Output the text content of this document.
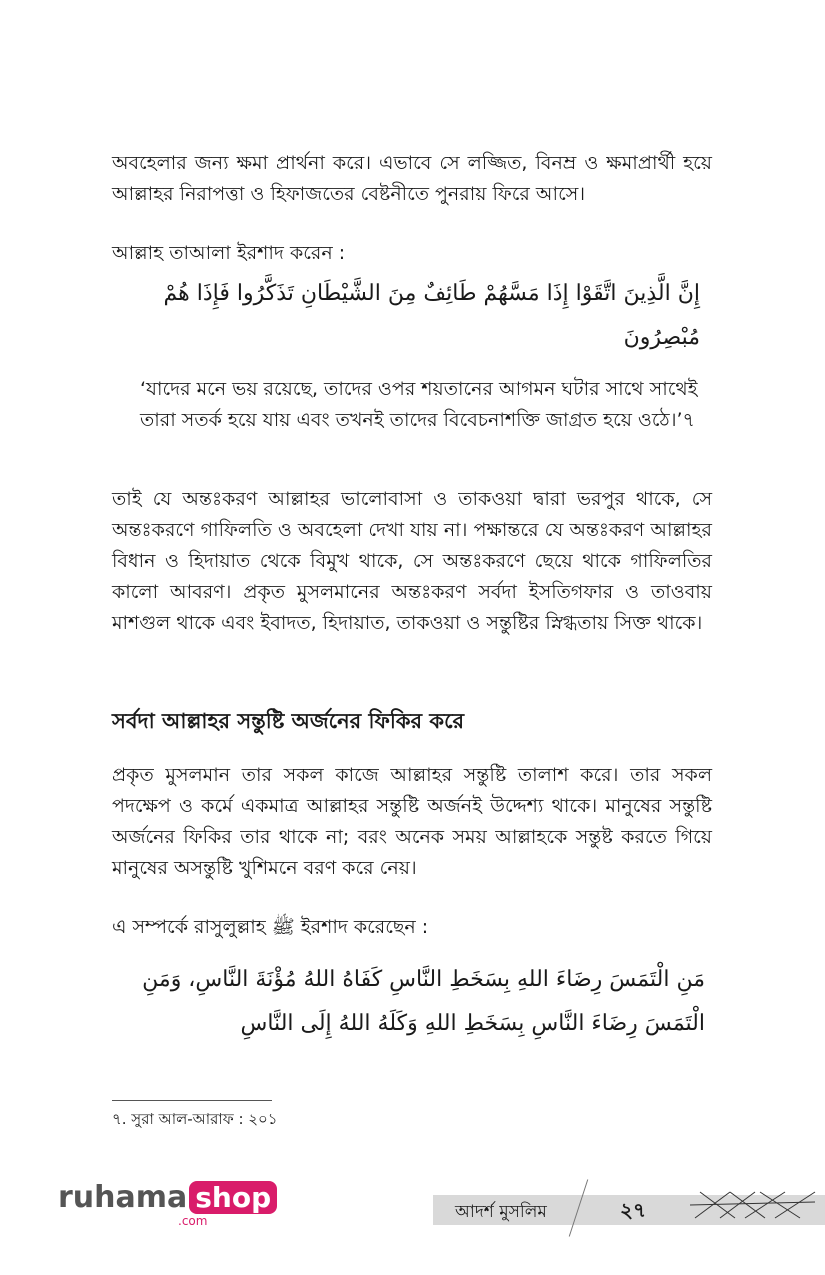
অবহেলার জন্য ক্ষমা প্রার্থনা করে। এভাবে সে লজ্জিত, বিনম্র ও ক্ষমাপ্রার্থী হয়ে আল্লাহর নিরাপত্তা ও হিফাজতের বেষ্টনীতে পুনরায় ফিরে আসে।

আল্লাহ তাআলা ইরশাদ করেন :

إِنَّ الَّذِينَ اتَّقَوْا إِذَا مَسَّهُمْ طَائِفٌ مِنَ الشَّيْطَانِ تَذَكَّرُوا فَإِذَا هُمْ مُبْصِرُونَ

‘যাদের মনে ভয় রয়েছে, তাদের ওপর শয়তানের আগমন ঘটার সাথে সাথেই তারা সতর্ক হয়ে যায় এবং তখনই তাদের বিবেচনাশক্তি জাগ্রত হয়ে ওঠে।’৭

তাই যে অন্তঃকরণ আল্লাহর ভালোবাসা ও তাকওয়া দ্বারা ভরপুর থাকে, সে অন্তঃকরণে গাফিলতি ও অবহেলা দেখা যায় না। পক্ষান্তরে যে অন্তঃকরণ আল্লাহর বিধান ও হিদায়াত থেকে বিমুখ থাকে, সে অন্তঃকরণে ছেয়ে থাকে গাফিলতির কালো আবরণ। প্রকৃত মুসলমানের অন্তঃকরণ সর্বদা ইসতিগফার ও তাওবায় মাশগুল থাকে এবং ইবাদত, হিদায়াত, তাকওয়া ও সন্তুষ্টির স্নিগ্ধতায় সিক্ত থাকে।

সর্বদা আল্লাহর সন্তুষ্টি অর্জনের ফিকির করে

প্রকৃত মুসলমান তার সকল কাজে আল্লাহর সন্তুষ্টি তালাশ করে। তার সকল পদক্ষেপ ও কর্মে একমাত্র আল্লাহর সন্তুষ্টি অর্জনই উদ্দেশ্য থাকে। মানুষের সন্তুষ্টি অর্জনের ফিকির তার থাকে না; বরং অনেক সময় আল্লাহকে সন্তুষ্ট করতে গিয়ে মানুষের অসন্তুষ্টি খুশিমনে বরণ করে নেয়।

এ সম্পর্কে রাসুলুল্লাহ ﷺ ইরশাদ করেছেন :

مَنِ الْتَمَسَ رِضَاءَ اللهِ بِسَخَطِ النَّاسِ كَفَاهُ اللهُ مُؤْنَةَ النَّاسِ، وَمَنِ الْتَمَسَ رِضَاءَ النَّاسِ بِسَخَطِ اللهِ وَكَلَهُ اللهُ إِلَى النَّاسِ

৭. সুরা আল-আরাফ : ২০১

ruhama shop
.com	আদর্শ মুসলিম	২৭
